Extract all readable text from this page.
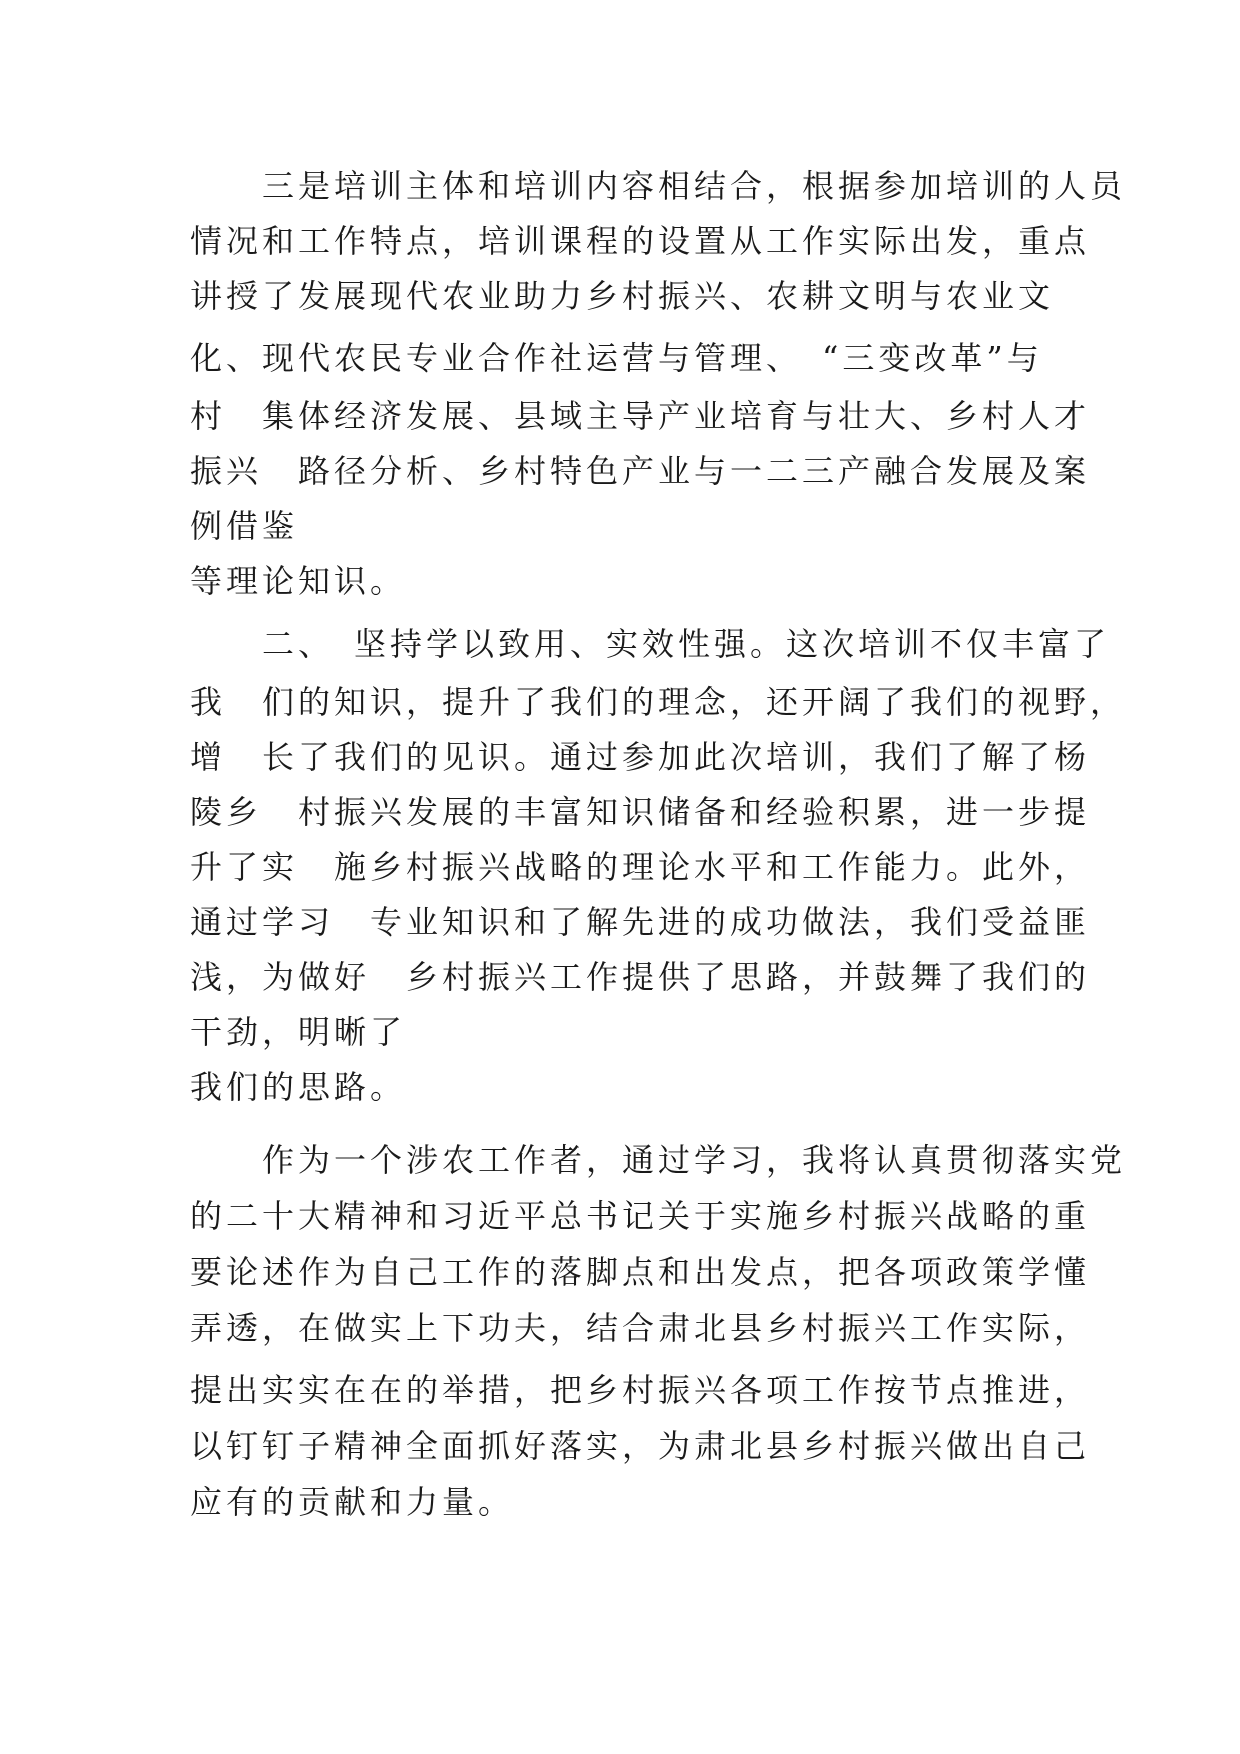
　　三是培训主体和培训内容相结合，根据参加培训的人员
情况和工作特点，培训课程的设置从工作实际出发，重点
讲授了发展现代农业助力乡村振兴、农耕文明与农业文
化、现代农民专业合作社运营与管理、　“三变改革”与
村　集体经济发展、县域主导产业培育与壮大、乡村人才
振兴　路径分析、乡村特色产业与一二三产融合发展及案
例借鉴
等理论知识。
　　二、　坚持学以致用、实效性强。这次培训不仅丰富了
我　们的知识，提升了我们的理念，还开阔了我们的视野，
增　长了我们的见识。通过参加此次培训，我们了解了杨
陵乡　村振兴发展的丰富知识储备和经验积累，进一步提
升了实　施乡村振兴战略的理论水平和工作能力。此外，
通过学习　专业知识和了解先进的成功做法，我们受益匪
浅，为做好　乡村振兴工作提供了思路，并鼓舞了我们的
干劲，明晰了
我们的思路。
　　作为一个涉农工作者，通过学习，我将认真贯彻落实党
的二十大精神和习近平总书记关于实施乡村振兴战略的重
要论述作为自己工作的落脚点和出发点，把各项政策学懂
弄透，在做实上下功夫，结合肃北县乡村振兴工作实际，
提出实实在在的举措，把乡村振兴各项工作按节点推进，
以钉钉子精神全面抓好落实，为肃北县乡村振兴做出自己
应有的贡献和力量。
